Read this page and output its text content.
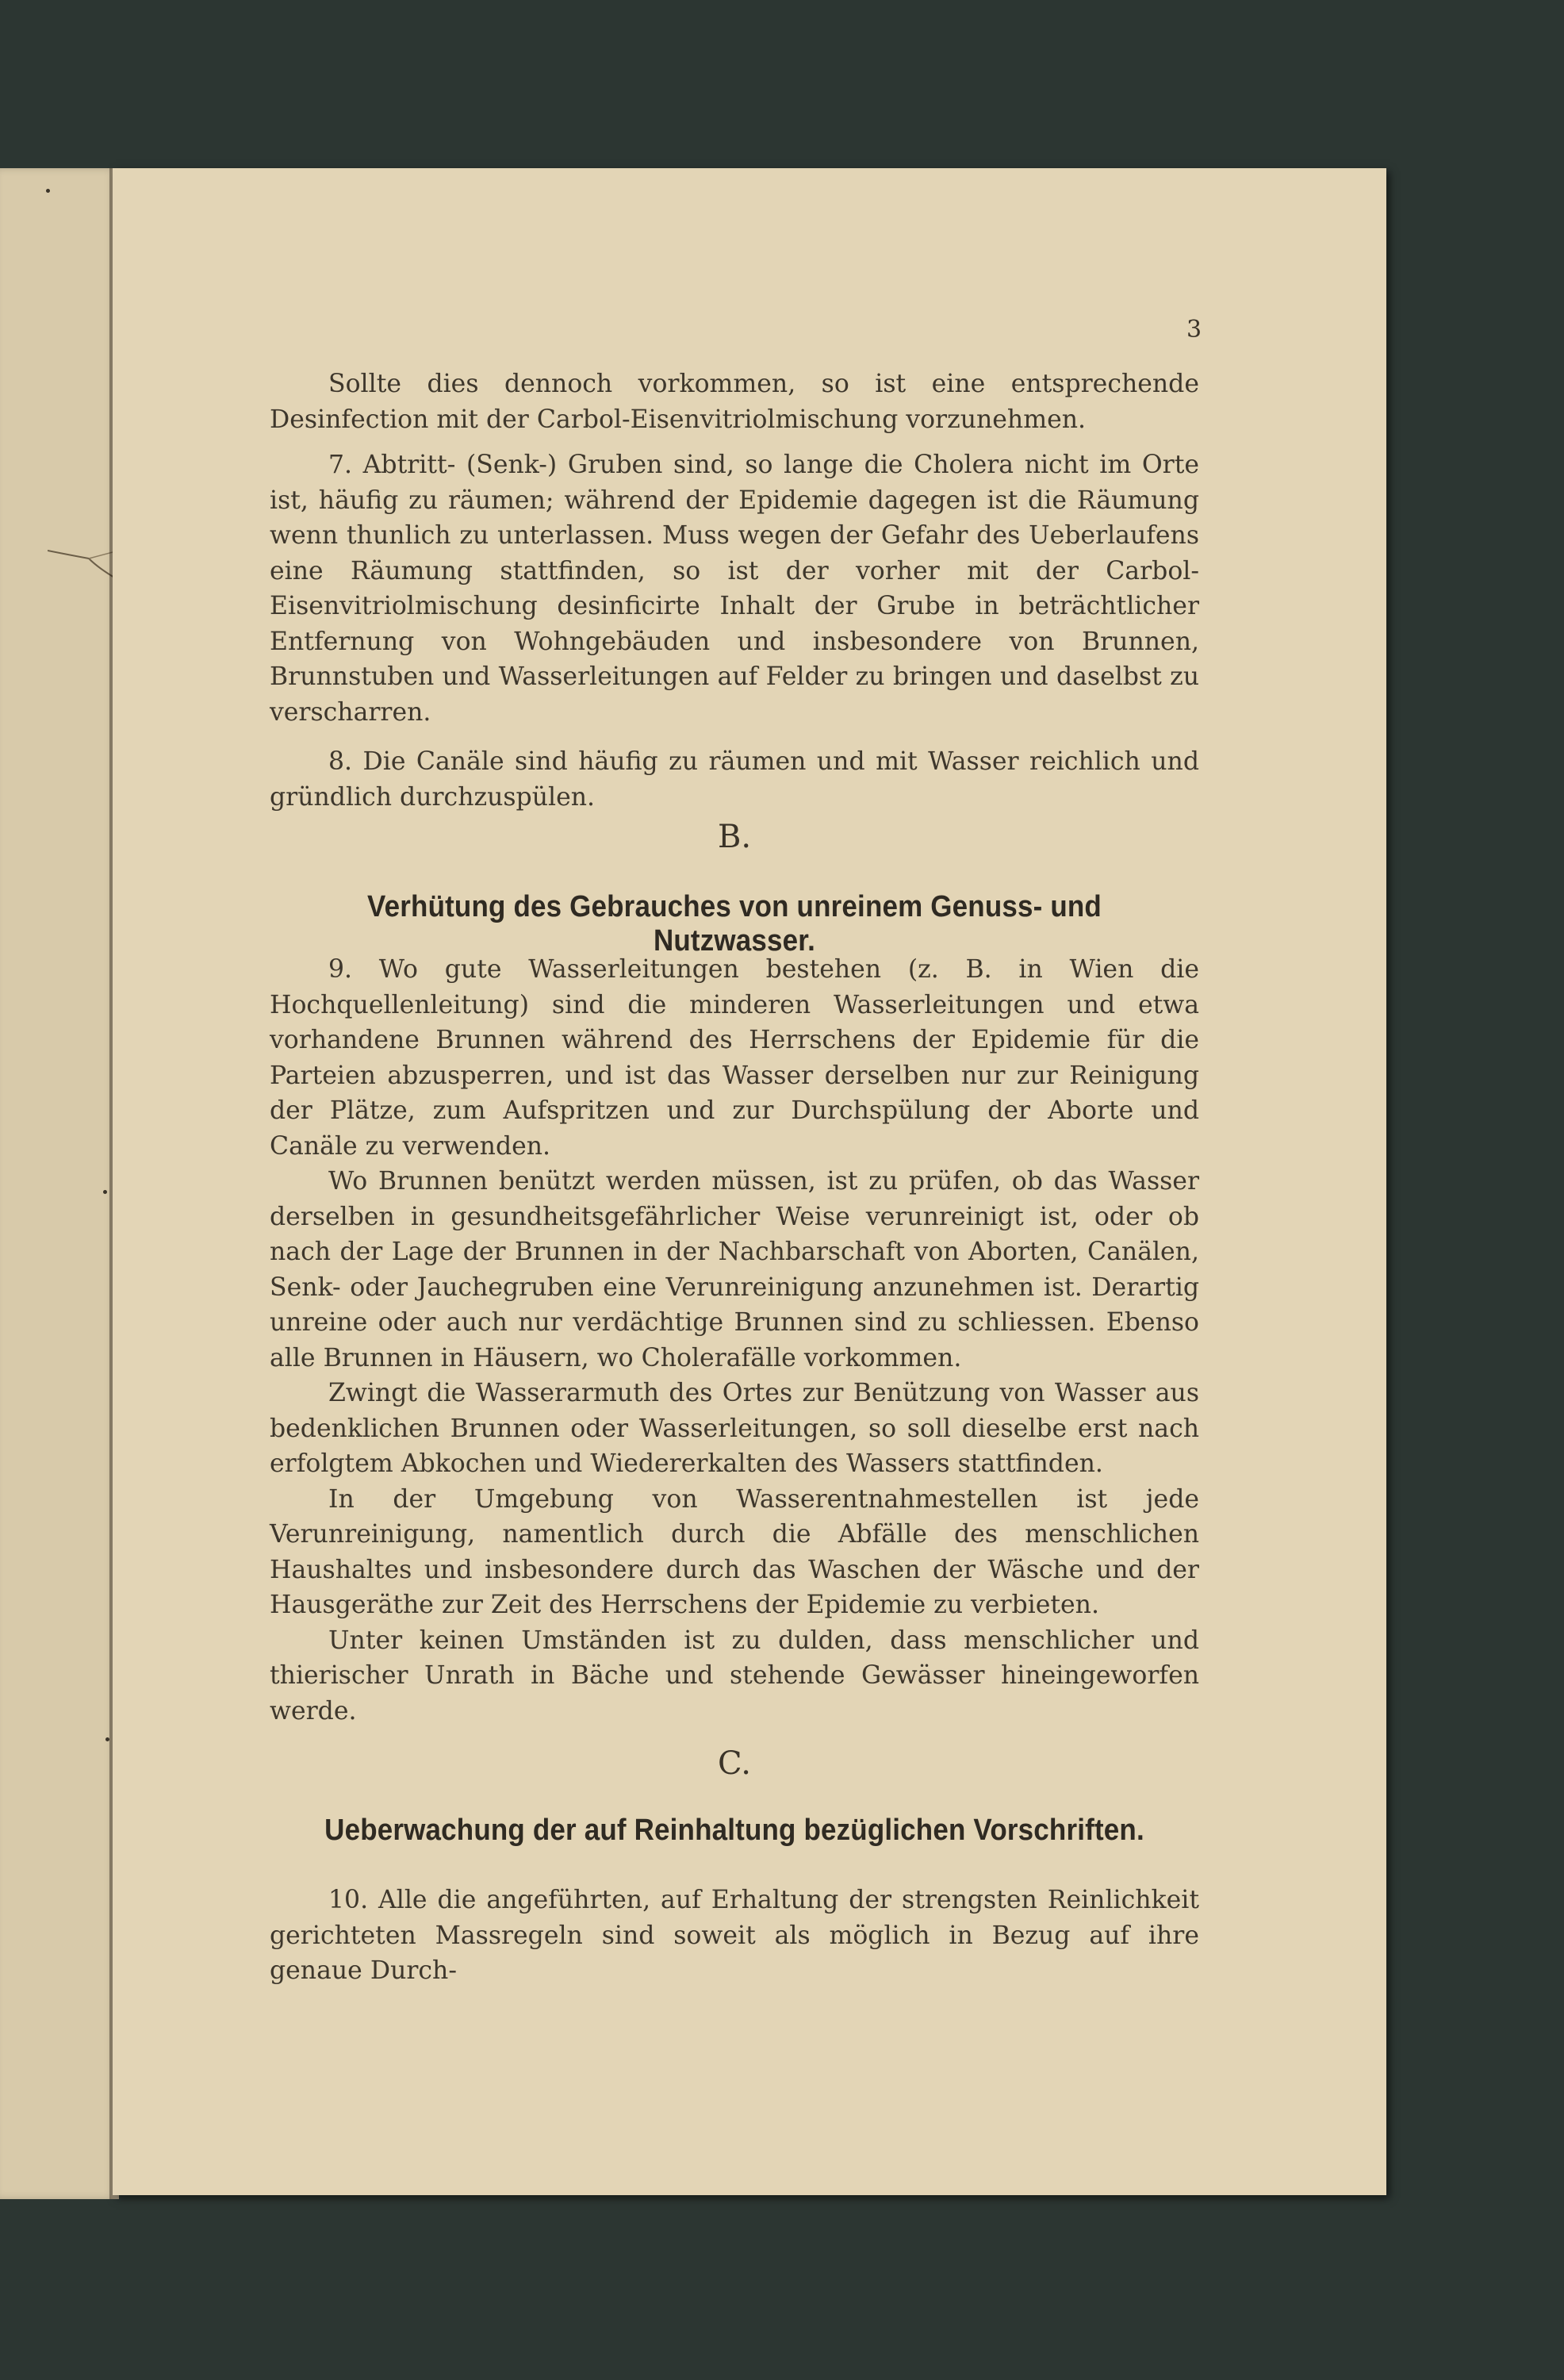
3

Sollte dies dennoch vorkommen, so ist eine entsprechende Desinfection mit der Carbol-Eisenvitriolmischung vorzunehmen.

7. Abtritt- (Senk-) Gruben sind, so lange die Cholera nicht im Orte ist, häufig zu räumen; während der Epidemie dagegen ist die Räumung wenn thunlich zu unterlassen. Muss wegen der Gefahr des Ueberlaufens eine Räumung stattfinden, so ist der vorher mit der Carbol-Eisenvitriolmischung desinficirte Inhalt der Grube in beträchtlicher Entfernung von Wohngebäuden und insbesondere von Brunnen, Brunnstuben und Wasserleitungen auf Felder zu bringen und daselbst zu verscharren.

8. Die Canäle sind häufig zu räumen und mit Wasser reichlich und gründlich durchzuspülen.

B.
Verhütung des Gebrauches von unreinem Genuss- und Nutzwasser.

9. Wo gute Wasserleitungen bestehen (z. B. in Wien die Hochquellenleitung) sind die minderen Wasserleitungen und etwa vorhandene Brunnen während des Herrschens der Epidemie für die Parteien abzusperren, und ist das Wasser derselben nur zur Reinigung der Plätze, zum Aufspritzen und zur Durchspülung der Aborte und Canäle zu verwenden.

Wo Brunnen benützt werden müssen, ist zu prüfen, ob das Wasser derselben in gesundheitsgefährlicher Weise verunreinigt ist, oder ob nach der Lage der Brunnen in der Nachbarschaft von Aborten, Canälen, Senk- oder Jauchegruben eine Verunreinigung anzunehmen ist. Derartig unreine oder auch nur verdächtige Brunnen sind zu schliessen. Ebenso alle Brunnen in Häusern, wo Cholerafälle vorkommen.

Zwingt die Wasserarmuth des Ortes zur Benützung von Wasser aus bedenklichen Brunnen oder Wasserleitungen, so soll dieselbe erst nach erfolgtem Abkochen und Wiedererkalten des Wassers stattfinden.

In der Umgebung von Wasserentnahmestellen ist jede Verunreinigung, namentlich durch die Abfälle des menschlichen Haushaltes und insbesondere durch das Waschen der Wäsche und der Hausgeräthe zur Zeit des Herrschens der Epidemie zu verbieten.

Unter keinen Umständen ist zu dulden, dass menschlicher und thierischer Unrath in Bäche und stehende Gewässer hineingeworfen werde.

C.
Ueberwachung der auf Reinhaltung bezüglichen Vorschriften.

10. Alle die angeführten, auf Erhaltung der strengsten Reinlichkeit gerichteten Massregeln sind soweit als möglich in Bezug auf ihre genaue Durch-
